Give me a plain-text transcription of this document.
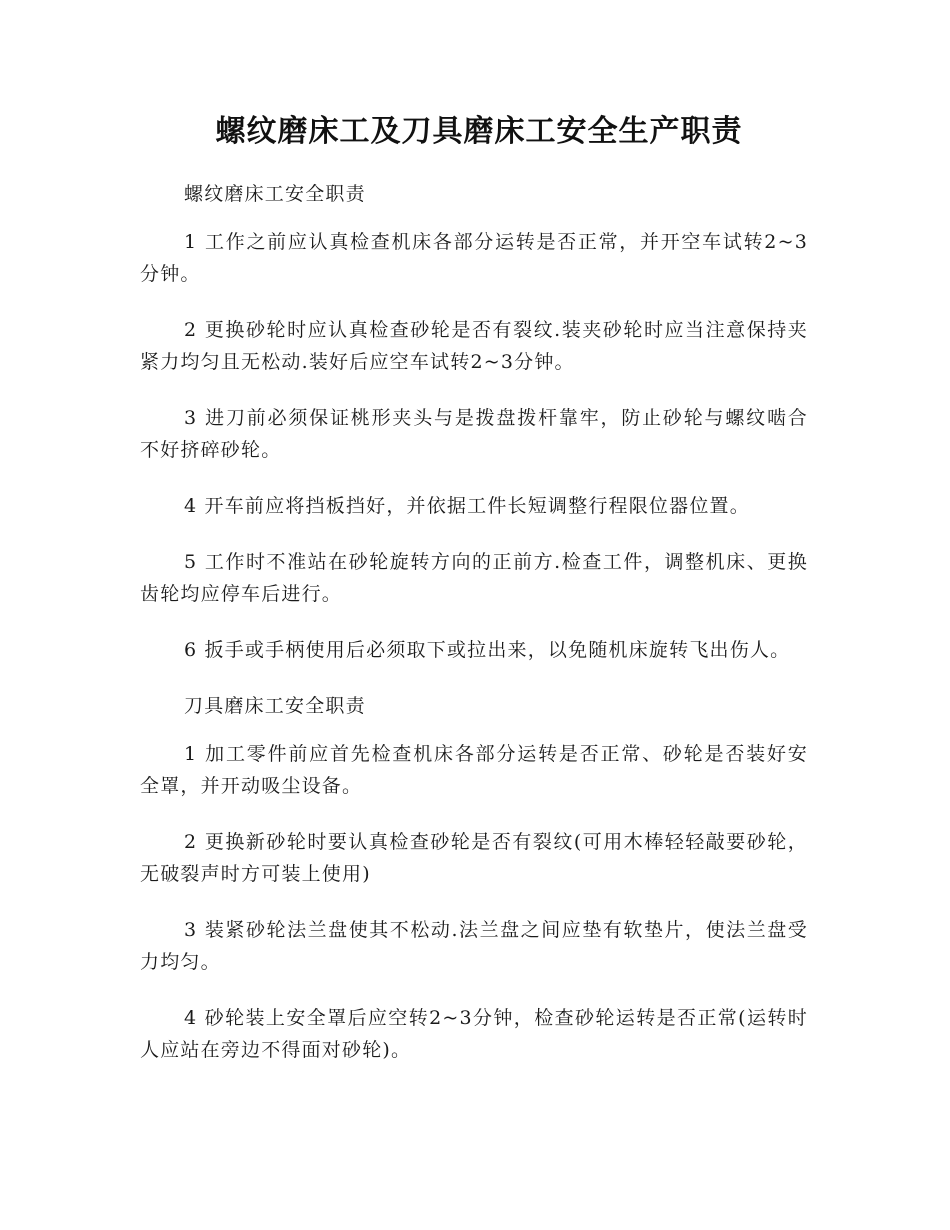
螺纹磨床工及刀具磨床工安全生产职责

螺纹磨床工安全职责

1 工作之前应认真检查机床各部分运转是否正常，并开空车试转2~3分钟。

2 更换砂轮时应认真检查砂轮是否有裂纹.装夹砂轮时应当注意保持夹紧力均匀且无松动.装好后应空车试转2~3分钟。

3 进刀前必须保证桃形夹头与是拨盘拨杆靠牢，防止砂轮与螺纹啮合不好挤碎砂轮。

4 开车前应将挡板挡好，并依据工件长短调整行程限位器位置。

5 工作时不准站在砂轮旋转方向的正前方.检查工件，调整机床、更换齿轮均应停车后进行。

6 扳手或手柄使用后必须取下或拉出来，以免随机床旋转飞出伤人。

刀具磨床工安全职责

1 加工零件前应首先检查机床各部分运转是否正常、砂轮是否装好安全罩，并开动吸尘设备。

2 更换新砂轮时要认真检查砂轮是否有裂纹(可用木棒轻轻敲要砂轮，无破裂声时方可装上使用)

3 装紧砂轮法兰盘使其不松动.法兰盘之间应垫有软垫片，使法兰盘受力均匀。

4 砂轮装上安全罩后应空转2~3分钟，检查砂轮运转是否正常(运转时人应站在旁边不得面对砂轮)。
